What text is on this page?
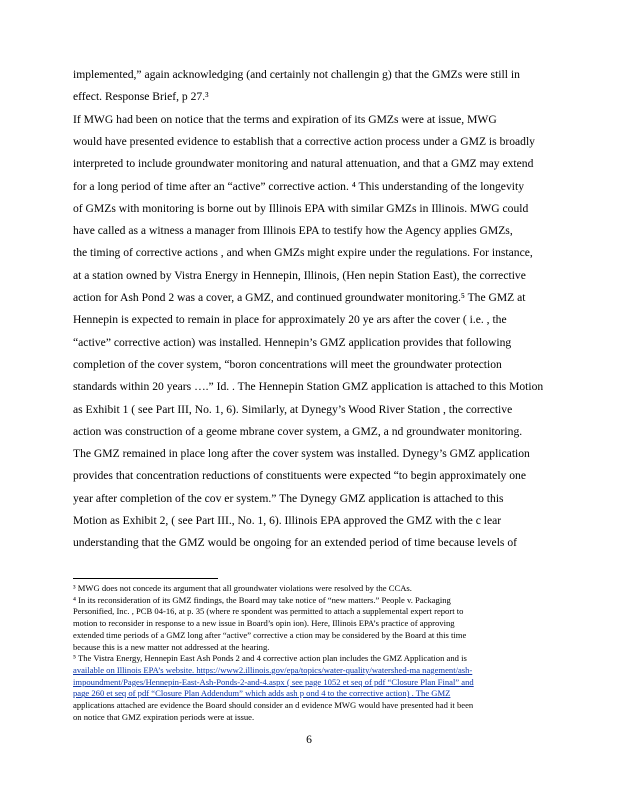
implemented,” again acknowledging (and certainly not challengin g) that the GMZs were still in
effect. Response Brief, p 27.³
If MWG had been on notice that the terms and expiration of its GMZs were at issue, MWG
would have presented evidence to establish that a corrective action process under a GMZ is broadly
interpreted to include groundwater monitoring and natural attenuation, and that a GMZ may extend
for a long period of time after an “active” corrective action. ⁴ This understanding of the longevity
of GMZs with monitoring is borne out by Illinois EPA with similar GMZs in Illinois. MWG could
have called as a witness a manager from Illinois EPA to testify how the Agency applies GMZs,
the timing of corrective actions , and when GMZs might expire under the regulations. For instance,
at a station owned by Vistra Energy in Hennepin, Illinois, (Hen nepin Station East), the corrective
action for Ash Pond 2 was a cover, a GMZ, and continued groundwater monitoring.⁵ The GMZ at
Hennepin is expected to remain in place for approximately 20 ye ars after the cover ( i.e. , the
“active” corrective action) was installed. Hennepin’s GMZ application provides that following
completion of the cover system, “boron concentrations will meet the groundwater protection
standards within 20 years ….” Id. . The Hennepin Station GMZ application is attached to this Motion
as Exhibit 1 ( see Part III, No. 1, 6). Similarly, at Dynegy’s Wood River Station , the corrective
action was construction of a geome mbrane cover system, a GMZ, a nd groundwater monitoring.
The GMZ remained in place long after the cover system was installed. Dynegy’s GMZ application
provides that concentration reductions of constituents were expected “to begin approximately one
year after completion of the cov er system.” The Dynegy GMZ application is attached to this
Motion as Exhibit 2, ( see Part III., No. 1, 6). Illinois EPA approved the GMZ with the c lear
understanding that the GMZ would be ongoing for an extended period of time because levels of
³ MWG does not concede its argument that all groundwater violations were resolved by the CCAs.
⁴ In its reconsideration of its GMZ findings, the Board may take notice of “new matters.” People v. Packaging
Personified, Inc. , PCB 04-16, at p. 35 (where re spondent was permitted to attach a supplemental expert report to
motion to reconsider in response to a new issue in Board’s opin ion). Here, Illinois EPA’s practice of approving
extended time periods of a GMZ long after “active” corrective a ction may be considered by the Board at this time
because this is a new matter not addressed at the hearing.
⁵ The Vistra Energy, Hennepin East Ash Ponds 2 and 4 corrective action plan includes the GMZ Application and is
available on Illinois EPA’s website. https://www2.illinois.gov/epa/topics/water-quality/watershed-ma nagement/ash-
impoundment/Pages/Hennepin-East-Ash-Ponds-2-and-4.aspx ( see page 1052 et seq of pdf “Closure Plan Final” and
page 260 et seq of pdf “Closure Plan Addendum” which adds ash p ond 4 to the corrective action) . The GMZ
applications attached are evidence the Board should consider an d evidence MWG would have presented had it been
on notice that GMZ expiration periods were at issue.
6
